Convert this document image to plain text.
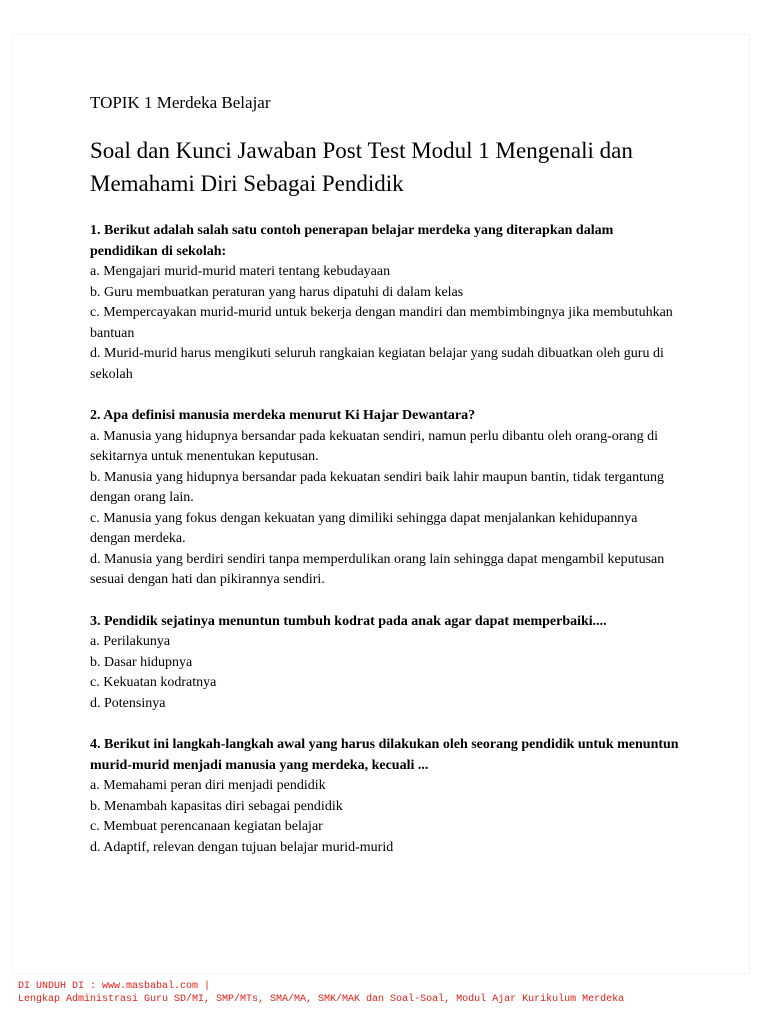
TOPIK 1 Merdeka Belajar

Soal dan Kunci Jawaban Post Test Modul 1 Mengenali dan Memahami Diri Sebagai Pendidik

1. Berikut adalah salah satu contoh penerapan belajar merdeka yang diterapkan dalam pendidikan di sekolah:

a. Mengajari murid-murid materi tentang kebudayaan

b. Guru membuatkan peraturan yang harus dipatuhi di dalam kelas

c. Mempercayakan murid-murid untuk bekerja dengan mandiri dan membimbingnya jika membutuhkan bantuan

d. Murid-murid harus mengikuti seluruh rangkaian kegiatan belajar yang sudah dibuatkan oleh guru di sekolah

2. Apa definisi manusia merdeka menurut Ki Hajar Dewantara?

a. Manusia yang hidupnya bersandar pada kekuatan sendiri, namun perlu dibantu oleh orang-orang di sekitarnya untuk menentukan keputusan.

b. Manusia yang hidupnya bersandar pada kekuatan sendiri baik lahir maupun bantin, tidak tergantung dengan orang lain.

c. Manusia yang fokus dengan kekuatan yang dimiliki sehingga dapat menjalankan kehidupannya dengan merdeka.

d. Manusia yang berdiri sendiri tanpa memperdulikan orang lain sehingga dapat mengambil keputusan sesuai dengan hati dan pikirannya sendiri.

3. Pendidik sejatinya menuntun tumbuh kodrat pada anak agar dapat memperbaiki....

a. Perilakunya

b. Dasar hidupnya

c. Kekuatan kodratnya

d. Potensinya

4. Berikut ini langkah-langkah awal yang harus dilakukan oleh seorang pendidik untuk menuntun murid-murid menjadi manusia yang merdeka, kecuali ...

a. Memahami peran diri menjadi pendidik

b. Menambah kapasitas diri sebagai pendidik

c. Membuat perencanaan kegiatan belajar

d. Adaptif, relevan dengan tujuan belajar murid-murid

DI UNDUH DI : www.masbabal.com |
Lengkap Administrasi Guru SD/MI, SMP/MTs, SMA/MA, SMK/MAK dan Soal-Soal, Modul Ajar Kurikulum Merdeka
